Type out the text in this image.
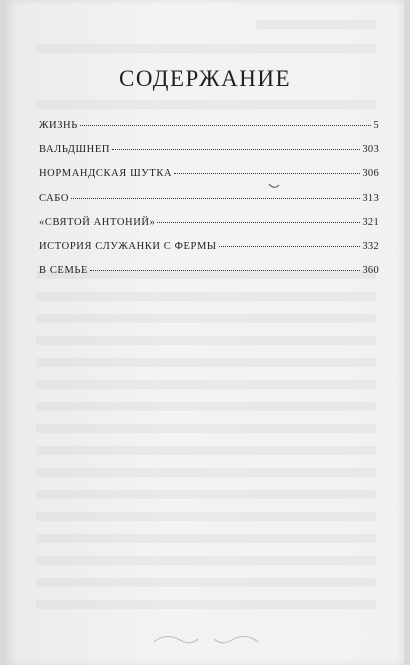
СОДЕРЖАНИЕ
ЖИЗНЬ	5
ВАЛЬДШНЕП	303
НОРМАНДСКАЯ ШУТКА	306
САБО	313
«СВЯТОЙ АНТОНИЙ»	321
ИСТОРИЯ СЛУЖАНКИ С ФЕРМЫ	332
В СЕМЬЕ	360
